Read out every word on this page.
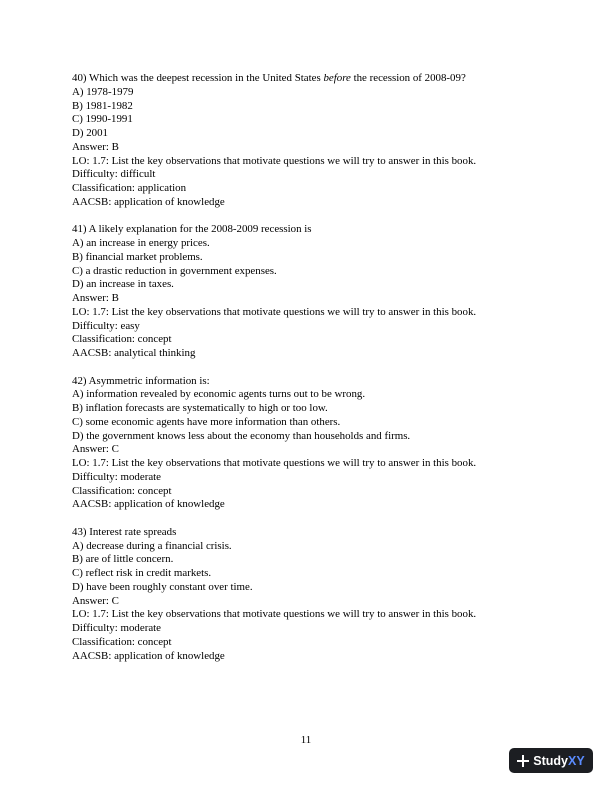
40) Which was the deepest recession in the United States before the recession of 2008-09?
A) 1978-1979
B) 1981-1982
C) 1990-1991
D) 2001
Answer: B
LO: 1.7: List the key observations that motivate questions we will try to answer in this book.
Difficulty: difficult
Classification: application
AACSB: application of knowledge
41) A likely explanation for the 2008-2009 recession is
A) an increase in energy prices.
B) financial market problems.
C) a drastic reduction in government expenses.
D) an increase in taxes.
Answer: B
LO: 1.7: List the key observations that motivate questions we will try to answer in this book.
Difficulty: easy
Classification: concept
AACSB: analytical thinking
42) Asymmetric information is:
A) information revealed by economic agents turns out to be wrong.
B) inflation forecasts are systematically to high or too low.
C) some economic agents have more information than others.
D) the government knows less about the economy than households and firms.
Answer: C
LO: 1.7: List the key observations that motivate questions we will try to answer in this book.
Difficulty: moderate
Classification: concept
AACSB: application of knowledge
43) Interest rate spreads
A) decrease during a financial crisis.
B) are of little concern.
C) reflect risk in credit markets.
D) have been roughly constant over time.
Answer: C
LO: 1.7: List the key observations that motivate questions we will try to answer in this book.
Difficulty: moderate
Classification: concept
AACSB: application of knowledge
11
StudyXY
